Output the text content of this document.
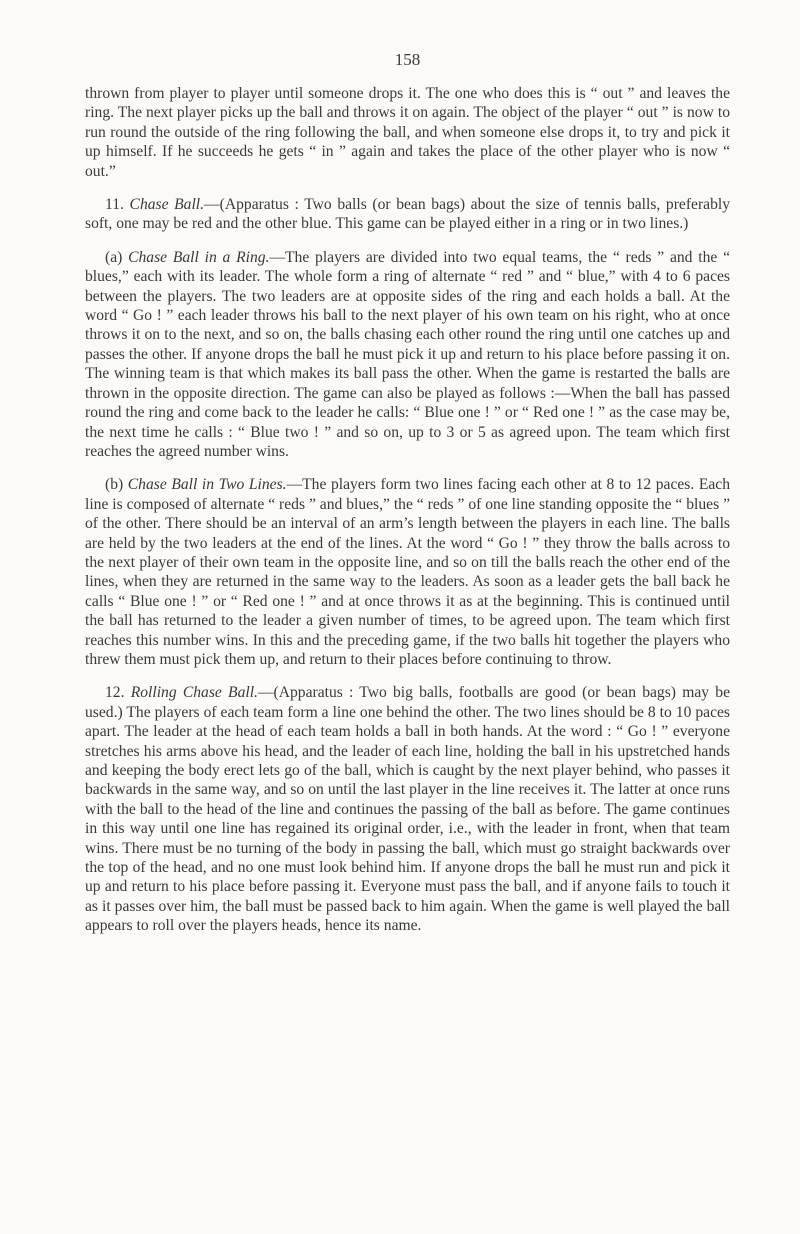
158

thrown from player to player until someone drops it. The one who does this is “ out ” and leaves the ring. The next player picks up the ball and throws it on again. The object of the player “ out ” is now to run round the outside of the ring following the ball, and when someone else drops it, to try and pick it up himself. If he succeeds he gets “ in ” again and takes the place of the other player who is now “ out.”

11. Chase Ball.—(Apparatus : Two balls (or bean bags) about the size of tennis balls, preferably soft, one may be red and the other blue. This game can be played either in a ring or in two lines.)

(a) Chase Ball in a Ring.—The players are divided into two equal teams, the “ reds ” and the “ blues,” each with its leader. The whole form a ring of alternate “ red ” and “ blue,” with 4 to 6 paces between the players. The two leaders are at opposite sides of the ring and each holds a ball. At the word “ Go ! ” each leader throws his ball to the next player of his own team on his right, who at once throws it on to the next, and so on, the balls chasing each other round the ring until one catches up and passes the other. If anyone drops the ball he must pick it up and return to his place before passing it on. The winning team is that which makes its ball pass the other. When the game is restarted the balls are thrown in the opposite direction. The game can also be played as follows :—When the ball has passed round the ring and come back to the leader he calls: “ Blue one ! ” or “ Red one ! ” as the case may be, the next time he calls : “ Blue two ! ” and so on, up to 3 or 5 as agreed upon. The team which first reaches the agreed number wins.

(b) Chase Ball in Two Lines.—The players form two lines facing each other at 8 to 12 paces. Each line is composed of alternate “ reds ” and blues,” the “ reds ” of one line standing opposite the “ blues ” of the other. There should be an interval of an arm’s length between the players in each line. The balls are held by the two leaders at the end of the lines. At the word “ Go ! ” they throw the balls across to the next player of their own team in the opposite line, and so on till the balls reach the other end of the lines, when they are returned in the same way to the leaders. As soon as a leader gets the ball back he calls “ Blue one ! ” or “ Red one ! ” and at once throws it as at the beginning. This is continued until the ball has returned to the leader a given number of times, to be agreed upon. The team which first reaches this number wins. In this and the preceding game, if the two balls hit together the players who threw them must pick them up, and return to their places before continuing to throw.

12. Rolling Chase Ball.—(Apparatus : Two big balls, footballs are good (or bean bags) may be used.) The players of each team form a line one behind the other. The two lines should be 8 to 10 paces apart. The leader at the head of each team holds a ball in both hands. At the word : “ Go ! ” everyone stretches his arms above his head, and the leader of each line, holding the ball in his upstretched hands and keeping the body erect lets go of the ball, which is caught by the next player behind, who passes it backwards in the same way, and so on until the last player in the line receives it. The latter at once runs with the ball to the head of the line and continues the passing of the ball as before. The game continues in this way until one line has regained its original order, i.e., with the leader in front, when that team wins. There must be no turning of the body in passing the ball, which must go straight backwards over the top of the head, and no one must look behind him. If anyone drops the ball he must run and pick it up and return to his place before passing it. Everyone must pass the ball, and if anyone fails to touch it as it passes over him, the ball must be passed back to him again. When the game is well played the ball appears to roll over the players heads, hence its name.
